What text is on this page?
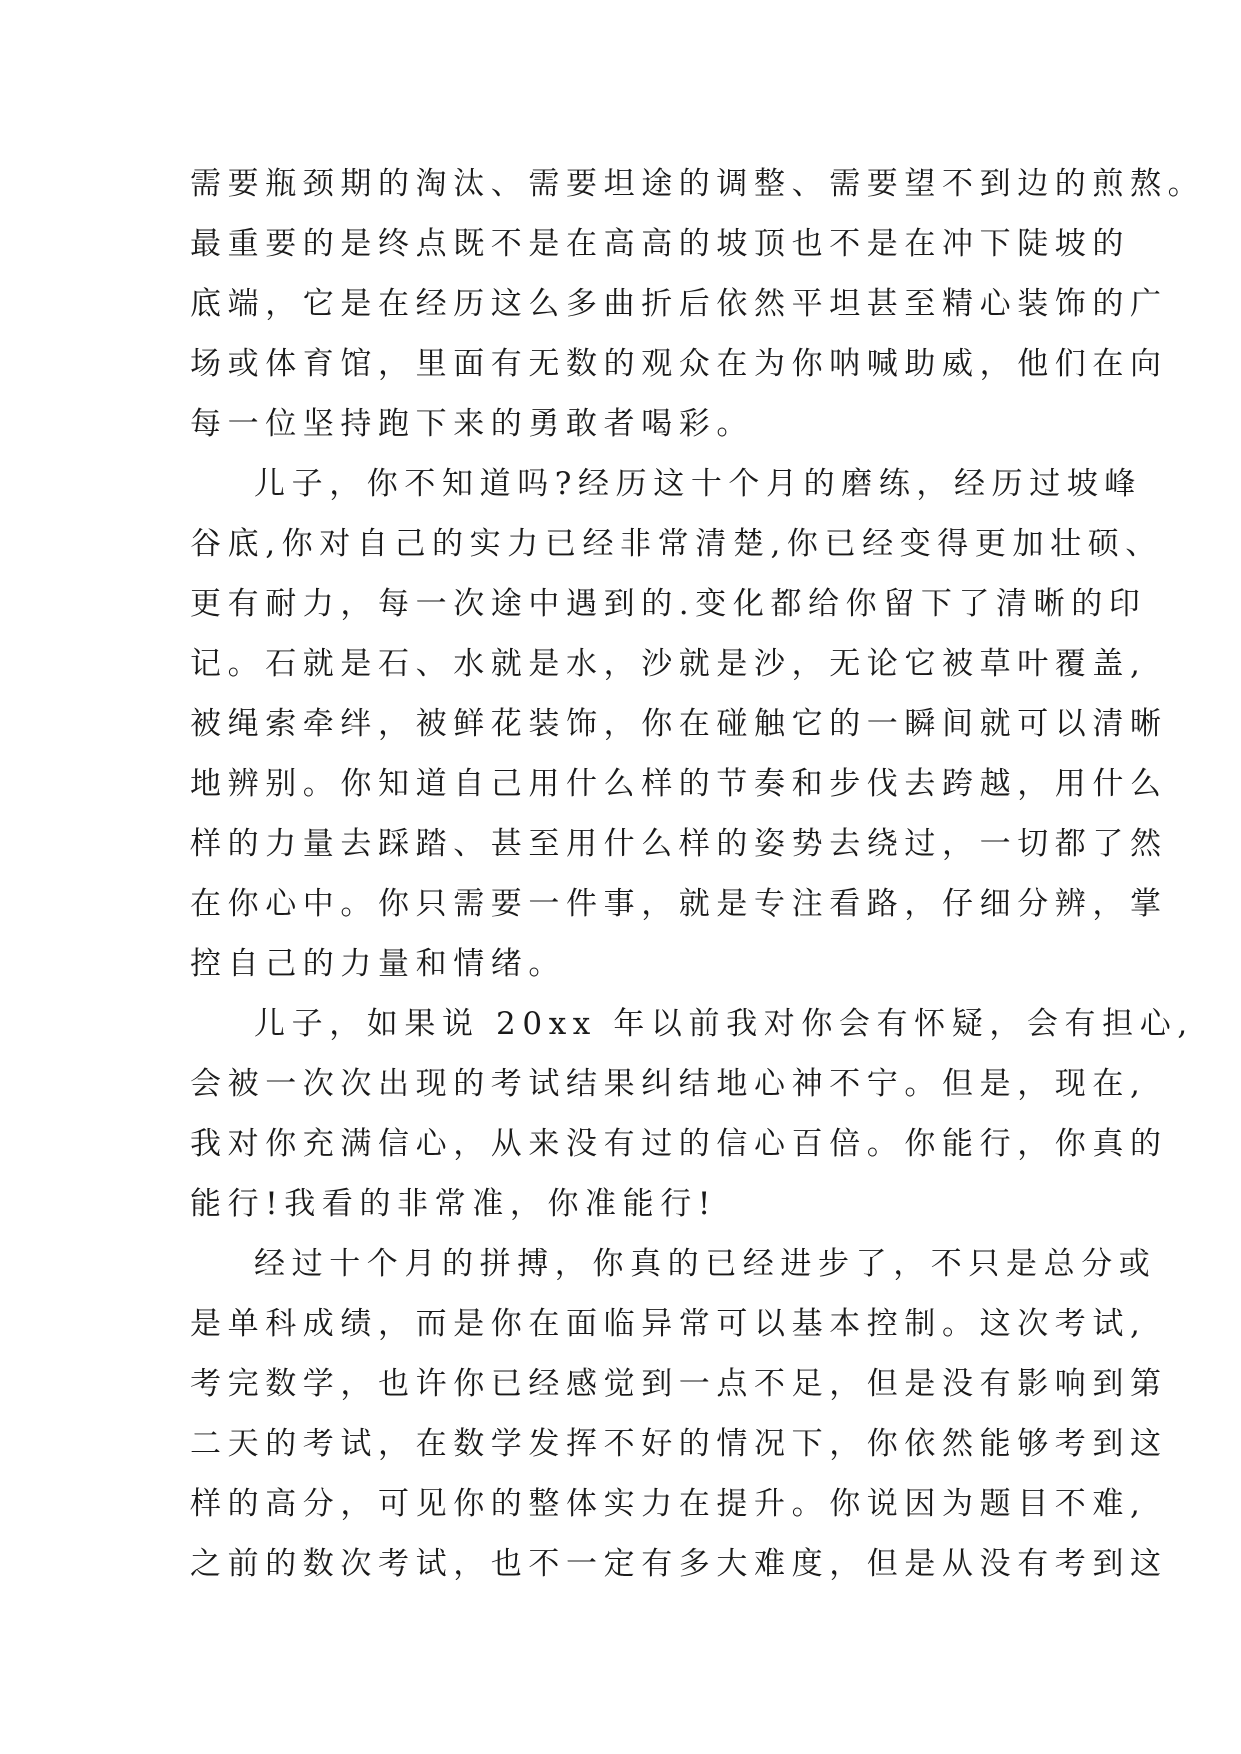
需要瓶颈期的淘汰、需要坦途的调整、需要望不到边的煎熬。
最重要的是终点既不是在高高的坡顶也不是在冲下陡坡的
底端，它是在经历这么多曲折后依然平坦甚至精心装饰的广
场或体育馆，里面有无数的观众在为你呐喊助威，他们在向
每一位坚持跑下来的勇敢者喝彩。
儿子，你不知道吗?经历这十个月的磨练，经历过坡峰
谷底,你对自己的实力已经非常清楚,你已经变得更加壮硕、
更有耐力，每一次途中遇到的.变化都给你留下了清晰的印
记。石就是石、水就是水，沙就是沙，无论它被草叶覆盖,
被绳索牵绊，被鲜花装饰，你在碰触它的一瞬间就可以清晰
地辨别。你知道自己用什么样的节奏和步伐去跨越，用什么
样的力量去踩踏、甚至用什么样的姿势去绕过，一切都了然
在你心中。你只需要一件事，就是专注看路，仔细分辨，掌
控自己的力量和情绪。
儿子，如果说 20xx 年以前我对你会有怀疑，会有担心,
会被一次次出现的考试结果纠结地心神不宁。但是，现在,
我对你充满信心，从来没有过的信心百倍。你能行，你真的
能行!我看的非常准，你准能行!
经过十个月的拼搏，你真的已经进步了，不只是总分或
是单科成绩，而是你在面临异常可以基本控制。这次考试,
考完数学，也许你已经感觉到一点不足，但是没有影响到第
二天的考试，在数学发挥不好的情况下，你依然能够考到这
样的高分，可见你的整体实力在提升。你说因为题目不难,
之前的数次考试，也不一定有多大难度，但是从没有考到这
